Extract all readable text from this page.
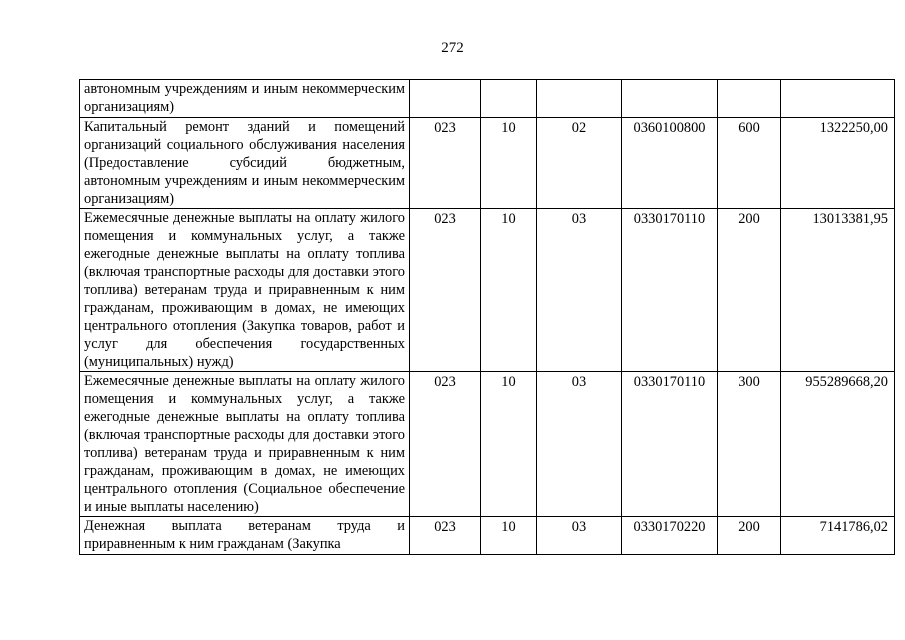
272
автономным учреждениям и иным некоммерческим организациям)						
Капитальный ремонт зданий и помещений организаций социального обслуживания населения (Предоставление субсидий бюджетным, автономным учреждениям и иным некоммерческим организациям)	023	10	02	0360100800	600	1322250,00
Ежемесячные денежные выплаты на оплату жилого помещения и коммунальных услуг, а также ежегодные денежные выплаты на оплату топлива (включая транспортные расходы для доставки этого топлива) ветеранам труда и приравненным к ним гражданам, проживающим в домах, не имеющих центрального отопления (Закупка товаров, работ и услуг для обеспечения государственных (муниципальных) нужд)	023	10	03	0330170110	200	13013381,95
Ежемесячные денежные выплаты на оплату жилого помещения и коммунальных услуг, а также ежегодные денежные выплаты на оплату топлива (включая транспортные расходы для доставки этого топлива) ветеранам труда и приравненным к ним гражданам, проживающим в домах, не имеющих центрального отопления (Социальное обеспечение и иные выплаты населению)	023	10	03	0330170110	300	955289668,20
Денежная выплата ветеранам труда и приравненным к ним гражданам (Закупка	023	10	03	0330170220	200	7141786,02
